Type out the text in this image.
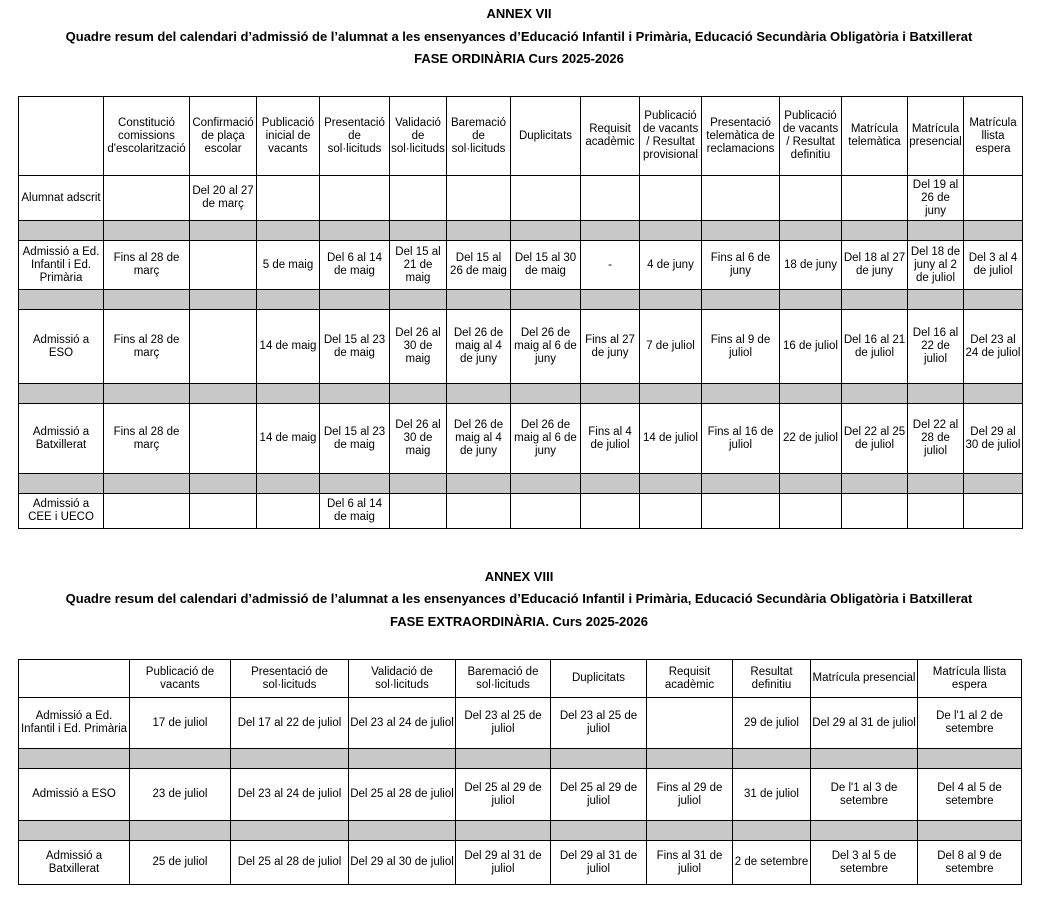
ANNEX VII
Quadre resum del calendari d’admissió de l’alumnat a les ensenyances d’Educació Infantil i Primària, Educació Secundària Obligatòria i Batxillerat
FASE ORDINÀRIA Curs 2025-2026
	Constitució comissions d'escolarització	Confirmació de plaça escolar	Publicació inicial de vacants	Presentació de sol·licituds	Validació de sol·licituds	Baremació de sol·licituds	Duplicitats	Requisit acadèmic	Publicació de vacants / Resultat provisional	Presentació telemàtica de reclamacions	Publicació de vacants / Resultat definitiu	Matrícula telemàtica	Matrícula presencial	Matrícula llista espera
Alumnat adscrit		Del 20 al 27 de març											Del 19 al 26 de juny	

Admissió a Ed. Infantil i Ed. Primària	Fins al 28 de març		5 de maig	Del 6 al 14 de maig	Del 15 al 21 de maig	Del 15 al 26 de maig	Del 15 al 30 de maig	-	4 de juny	Fins al 6 de juny	18 de juny	Del 18 al 27 de juny	Del 18 de juny al 2 de juliol	Del 3 al 4 de juliol

Admissió a ESO	Fins al 28 de març		14 de maig	Del 15 al 23 de maig	Del 26 al 30 de maig	Del 26 de maig al 4 de juny	Del 26 de maig al 6 de juny	Fins al 27 de juny	7 de juliol	Fins al 9 de juliol	16 de juliol	Del 16 al 21 de juliol	Del 16 al 22 de juliol	Del 23 al 24 de juliol

Admissió a Batxillerat	Fins al 28 de març		14 de maig	Del 15 al 23 de maig	Del 26 al 30 de maig	Del 26 de maig al 4 de juny	Del 26 de maig al 6 de juny	Fins al 4 de juliol	14 de juliol	Fins al 16 de juliol	22 de juliol	Del 22 al 25 de juliol	Del 22 al 28 de juliol	Del 29 al 30 de juliol

Admissió a CEE i UECO				Del 6 al 14 de maig										
ANNEX VIII
Quadre resum del calendari d’admissió de l’alumnat a les ensenyances d’Educació Infantil i Primària, Educació Secundària Obligatòria i Batxillerat
FASE EXTRAORDINÀRIA. Curs 2025-2026
	Publicació de vacants	Presentació de sol·licituds	Validació de sol·licituds	Baremació de sol·licituds	Duplicitats	Requisit acadèmic	Resultat definitiu	Matrícula presencial	Matrícula llista espera
Admissió a Ed. Infantil i Ed. Primària	17 de juliol	Del 17 al 22 de juliol	Del 23 al 24 de juliol	Del 23 al 25 de juliol	Del 23 al 25 de juliol		29 de juliol	Del 29 al 31 de juliol	De l'1 al 2 de setembre

Admissió a ESO	23 de juliol	Del 23 al 24 de juliol	Del 25 al 28 de juliol	Del 25 al 29 de juliol	Del 25 al 29 de juliol	Fins al 29 de juliol	31 de juliol	De l'1 al 3 de setembre	Del 4 al 5 de setembre

Admissió a Batxillerat	25 de juliol	Del 25 al 28 de juliol	Del 29 al 30 de juliol	Del 29 al 31 de juliol	Del 29 al 31 de juliol	Fins al 31 de juliol	2 de setembre	Del 3 al 5 de setembre	Del 8 al 9 de setembre
